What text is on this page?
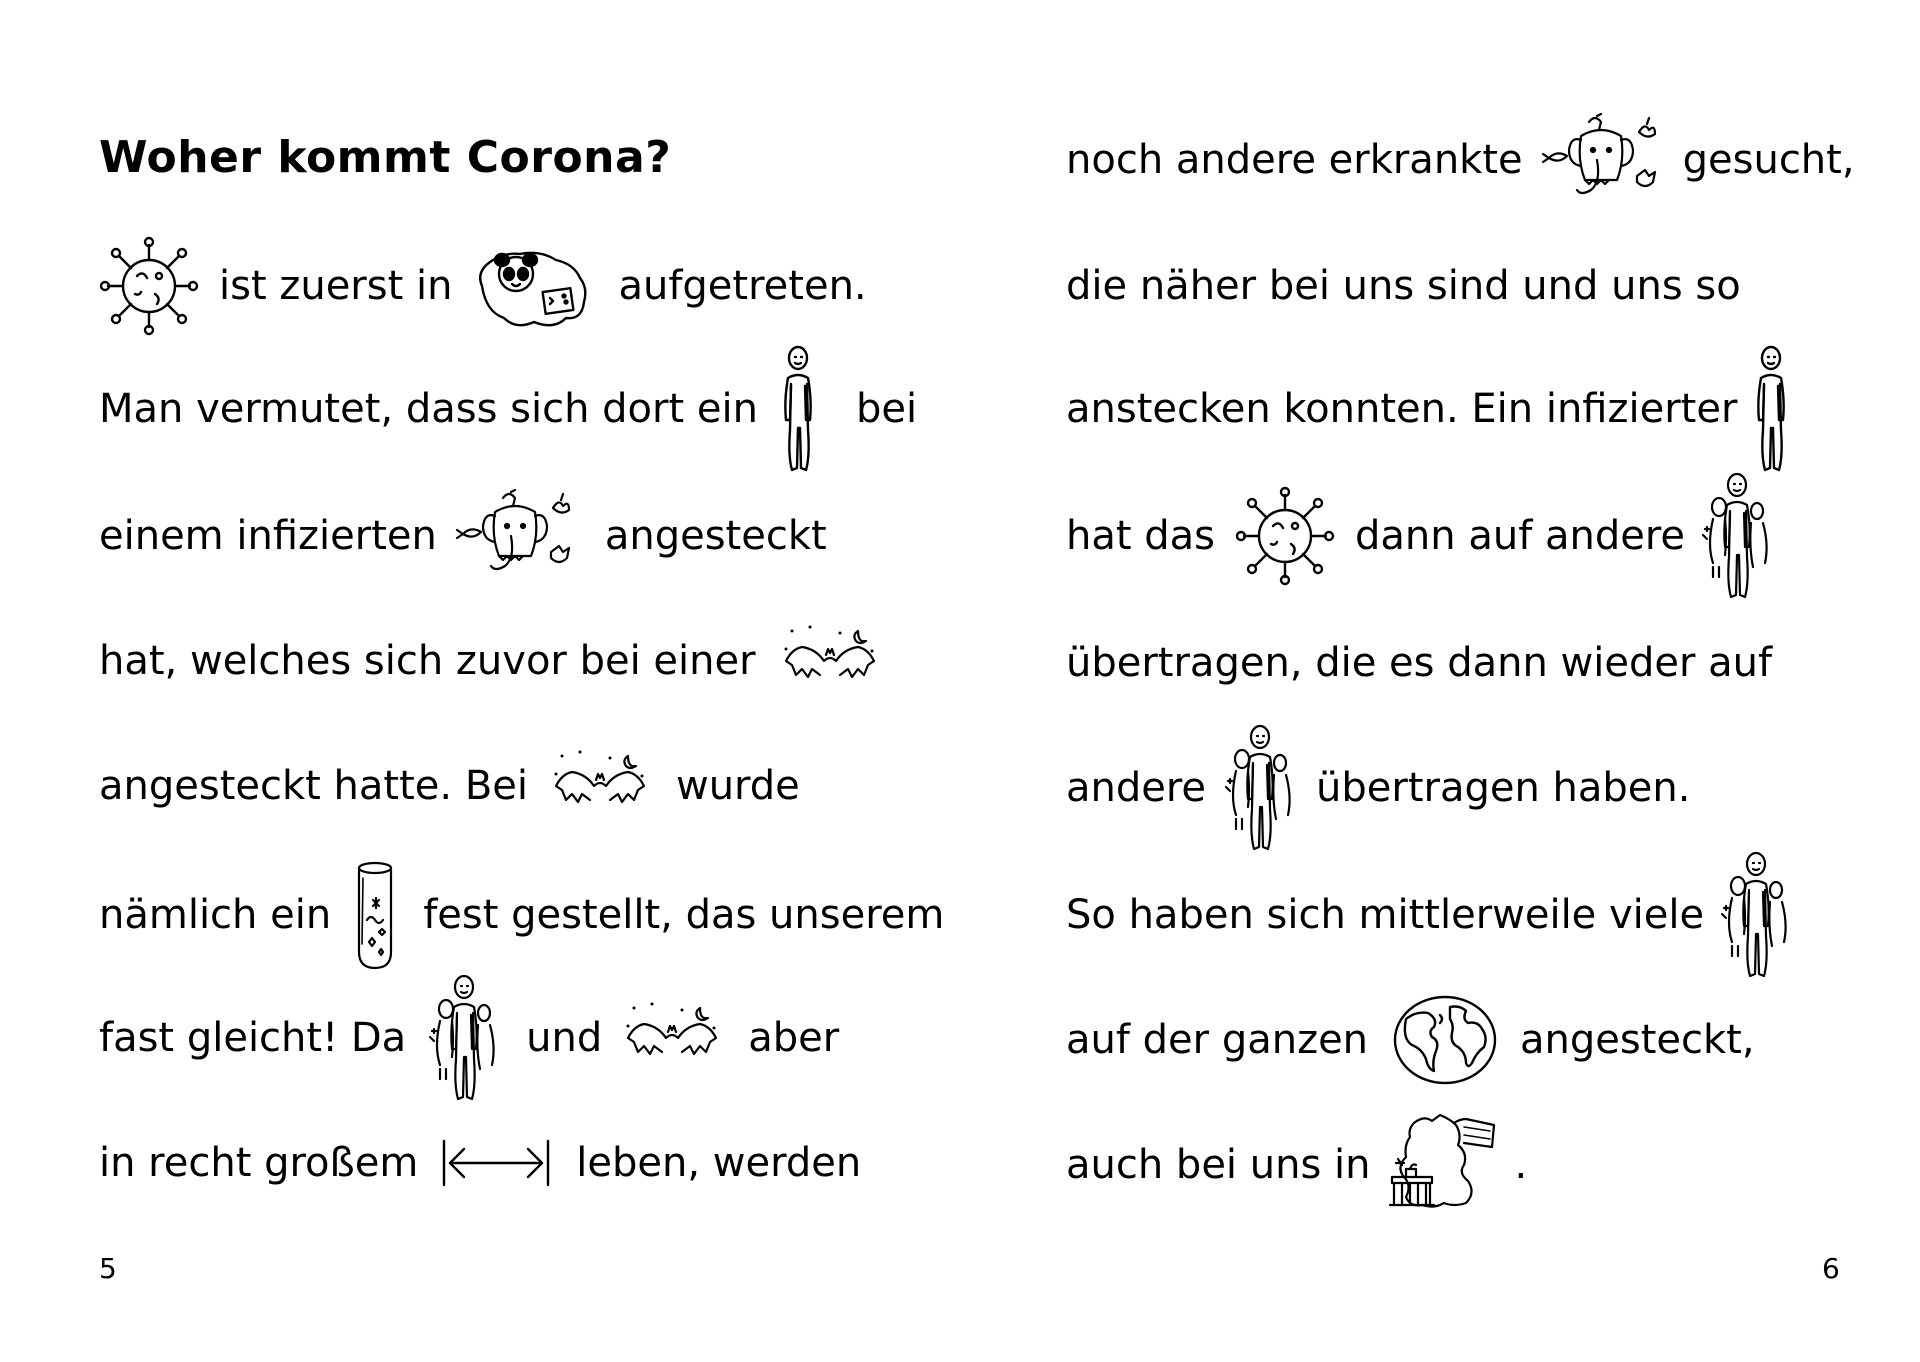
Woher kommt Corona?
ist zuerst in	aufgetreten.
Man vermutet, dass sich dort ein bei
einem infizierten	angesteckt
hat, welches sich zuvor bei einer
angesteckt hatte. Bei	wurde
nämlich ein fest gestellt, das unserem
fast gleicht! Da	und	aber
in recht großem	leben, werden
5
noch andere erkrankte	gesucht,
die näher bei uns sind und uns so
anstecken konnten. Ein infizierter
hat das	dann auf andere
übertragen, die es dann wieder auf
andere	übertragen haben.
So haben sich mittlerweile viele
auf der ganzen	angesteckt,
auch bei uns in	.
6
